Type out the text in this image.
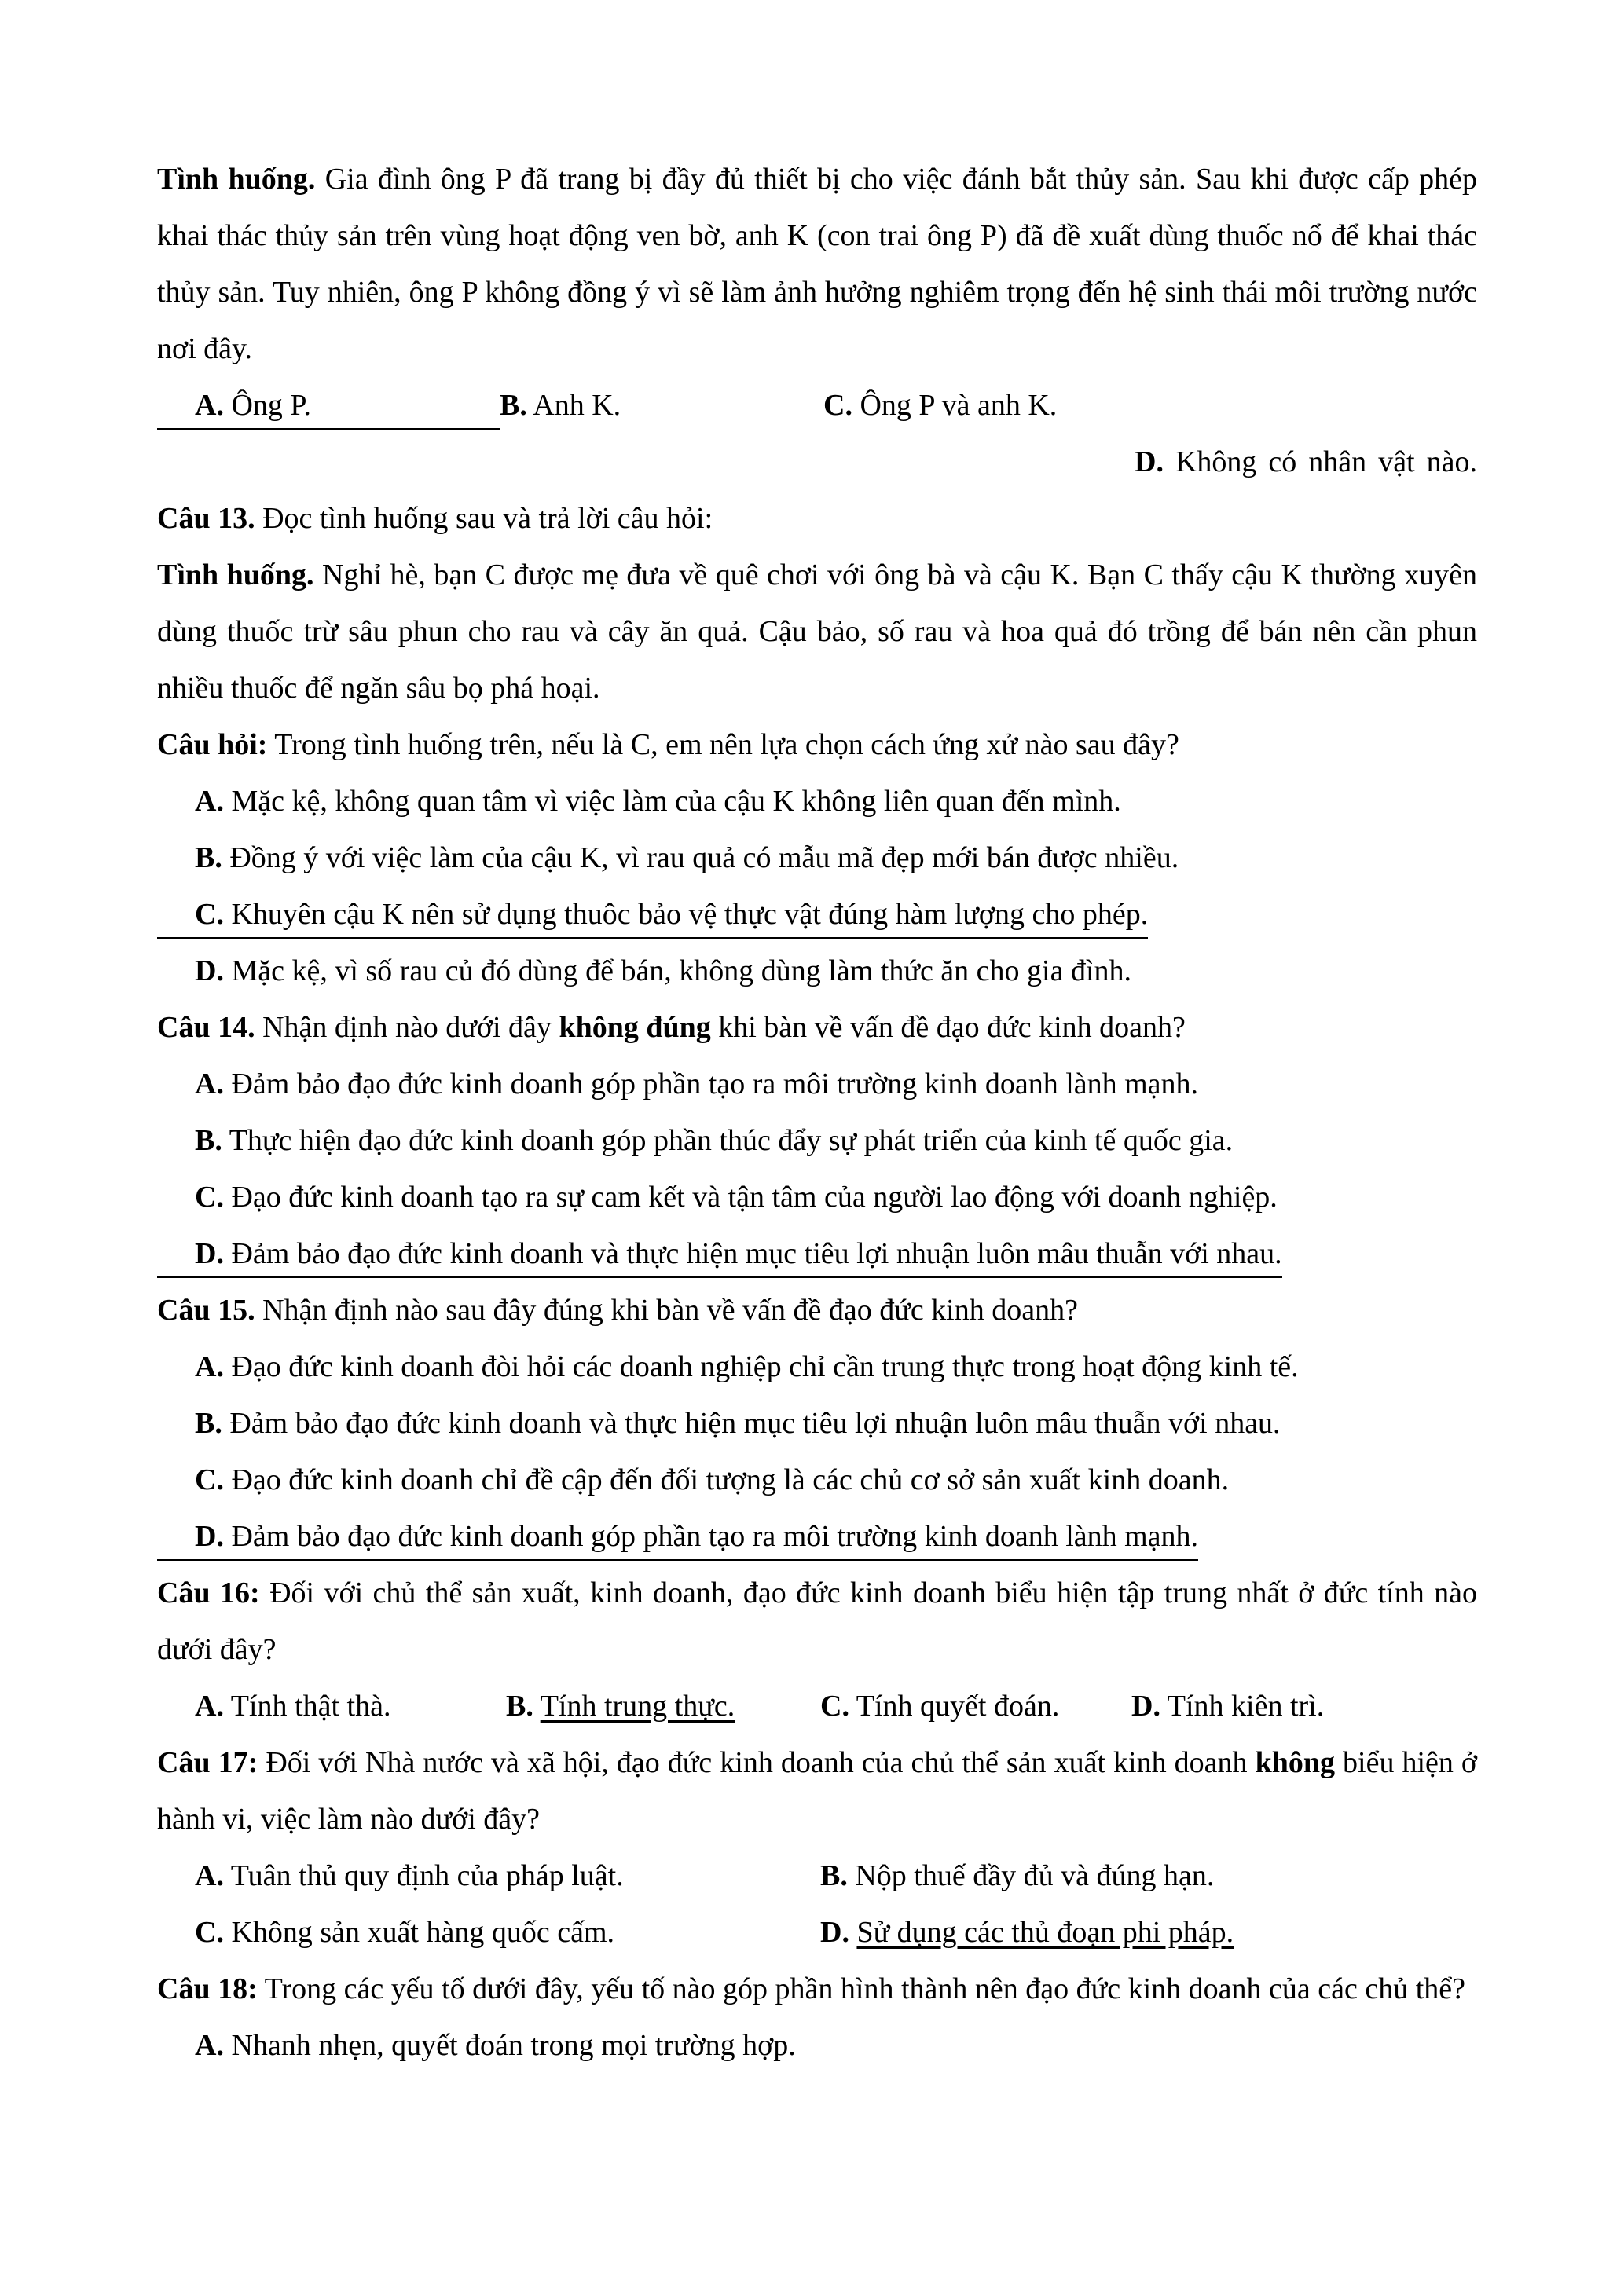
Tình huống. Gia đình ông P đã trang bị đầy đủ thiết bị cho việc đánh bắt thủy sản. Sau khi được cấp phép khai thác thủy sản trên vùng hoạt động ven bờ, anh K (con trai ông P) đã đề xuất dùng thuốc nổ để khai thác thủy sản. Tuy nhiên, ông P không đồng ý vì sẽ làm ảnh hưởng nghiêm trọng đến hệ sinh thái môi trường nước nơi đây.

A. Ông P.	B. Anh K.	C. Ông P và anh K.

D. Không có nhân vật nào.

Câu 13. Đọc tình huống sau và trả lời câu hỏi:

Tình huống. Nghỉ hè, bạn C được mẹ đưa về quê chơi với ông bà và cậu K. Bạn C thấy cậu K thường xuyên dùng thuốc trừ sâu phun cho rau và cây ăn quả. Cậu bảo, số rau và hoa quả đó trồng để bán nên cần phun nhiều thuốc để ngăn sâu bọ phá hoại.

Câu hỏi: Trong tình huống trên, nếu là C, em nên lựa chọn cách ứng xử nào sau đây?

A. Mặc kệ, không quan tâm vì việc làm của cậu K không liên quan đến mình.

B. Đồng ý với việc làm của cậu K, vì rau quả có mẫu mã đẹp mới bán được nhiều.

C. Khuyên cậu K nên sử dụng thuôc bảo vệ thực vật đúng hàm lượng cho phép.

D. Mặc kệ, vì số rau củ đó dùng để bán, không dùng làm thức ăn cho gia đình.

Câu 14. Nhận định nào dưới đây không đúng khi bàn về vấn đề đạo đức kinh doanh?

A. Đảm bảo đạo đức kinh doanh góp phần tạo ra môi trường kinh doanh lành mạnh.

B. Thực hiện đạo đức kinh doanh góp phần thúc đẩy sự phát triển của kinh tế quốc gia.

C. Đạo đức kinh doanh tạo ra sự cam kết và tận tâm của người lao động với doanh nghiệp.

D. Đảm bảo đạo đức kinh doanh và thực hiện mục tiêu lợi nhuận luôn mâu thuẫn với nhau.

Câu 15. Nhận định nào sau đây đúng khi bàn về vấn đề đạo đức kinh doanh?

A. Đạo đức kinh doanh đòi hỏi các doanh nghiệp chỉ cần trung thực trong hoạt động kinh tế.

B. Đảm bảo đạo đức kinh doanh và thực hiện mục tiêu lợi nhuận luôn mâu thuẫn với nhau.

C. Đạo đức kinh doanh chỉ đề cập đến đối tượng là các chủ cơ sở sản xuất kinh doanh.

D. Đảm bảo đạo đức kinh doanh góp phần tạo ra môi trường kinh doanh lành mạnh.

Câu 16: Đối với chủ thể sản xuất, kinh doanh, đạo đức kinh doanh biểu hiện tập trung nhất ở đức tính nào dưới đây?

A. Tính thật thà.	B. Tính trung thực.	C. Tính quyết đoán. D. Tính kiên trì.

Câu 17: Đối với Nhà nước và xã hội, đạo đức kinh doanh của chủ thể sản xuất kinh doanh không biểu hiện ở hành vi, việc làm nào dưới đây?

A. Tuân thủ quy định của pháp luật.	B. Nộp thuế đầy đủ và đúng hạn.

C. Không sản xuất hàng quốc cấm.	D. Sử dụng các thủ đoạn phi pháp.

Câu 18: Trong các yếu tố dưới đây, yếu tố nào góp phần hình thành nên đạo đức kinh doanh của các chủ thể?

A. Nhanh nhẹn, quyết đoán trong mọi trường hợp.
